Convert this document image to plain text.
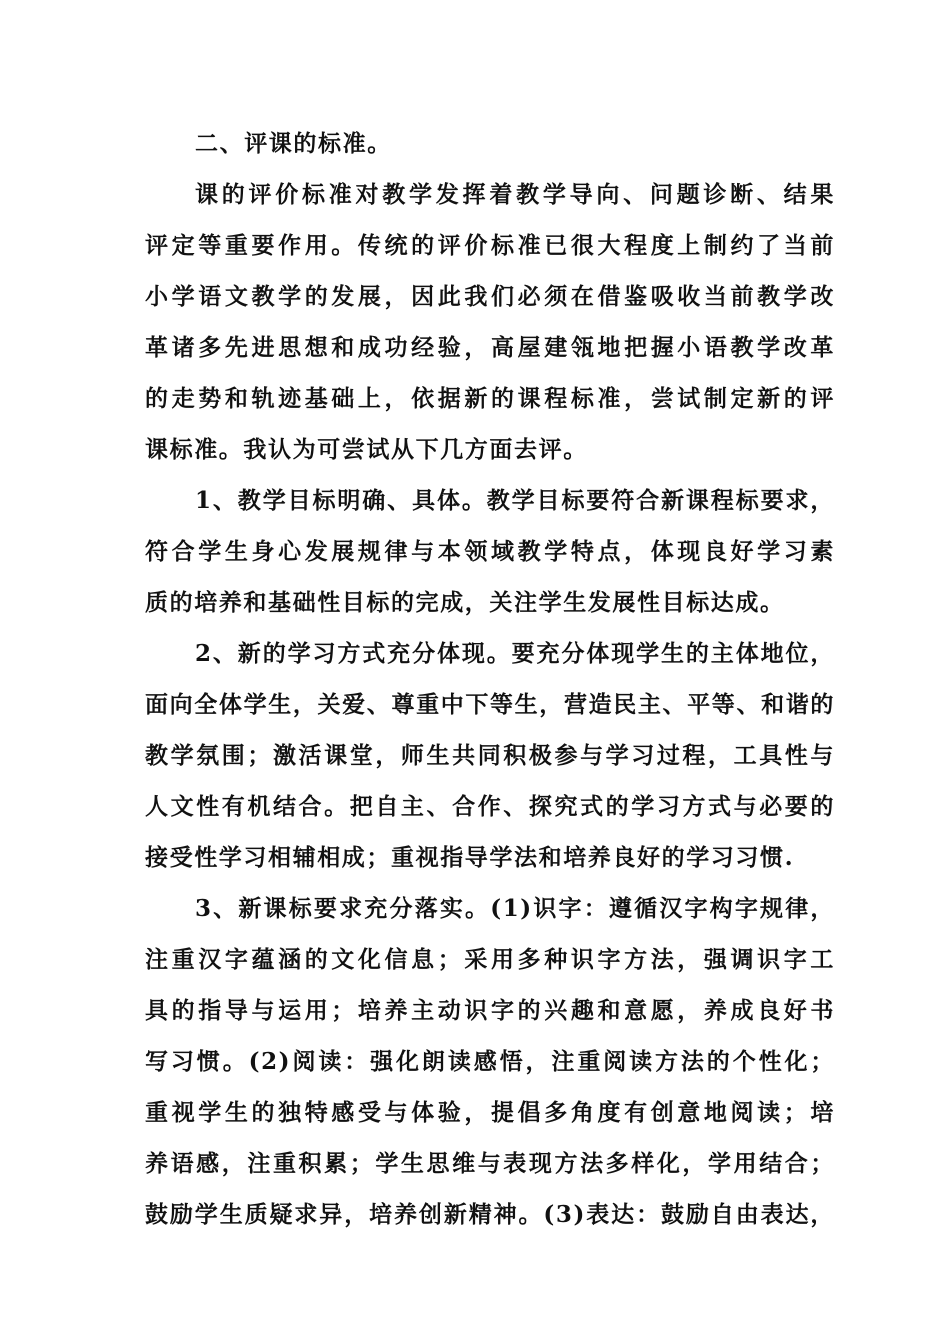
二、评课的标准。

课的评价标准对教学发挥着教学导向、问题诊断、结果
评定等重要作用。传统的评价标准已很大程度上制约了当前
小学语文教学的发展，因此我们必须在借鉴吸收当前教学改
革诸多先进思想和成功经验，高屋建瓴地把握小语教学改革
的走势和轨迹基础上，依据新的课程标准，尝试制定新的评
课标准。我认为可尝试从下几方面去评。

1、教学目标明确、具体。教学目标要符合新课程标要求，
符合学生身心发展规律与本领域教学特点，体现良好学习素
质的培养和基础性目标的完成，关注学生发展性目标达成。

2、新的学习方式充分体现。要充分体现学生的主体地位，
面向全体学生，关爱、尊重中下等生，营造民主、平等、和谐的
教学氛围；激活课堂，师生共同积极参与学习过程，工具性与
人文性有机结合。把自主、合作、探究式的学习方式与必要的
接受性学习相辅相成；重视指导学法和培养良好的学习习惯.

3、新课标要求充分落实。(1)识字：遵循汉字构字规律，
注重汉字蕴涵的文化信息；采用多种识字方法，强调识字工
具的指导与运用；培养主动识字的兴趣和意愿，养成良好书
写习惯。(2)阅读：强化朗读感悟，注重阅读方法的个性化；
重视学生的独特感受与体验，提倡多角度有创意地阅读；培
养语感，注重积累；学生思维与表现方法多样化，学用结合；
鼓励学生质疑求异，培养创新精神。(3)表达：鼓励自由表达，
